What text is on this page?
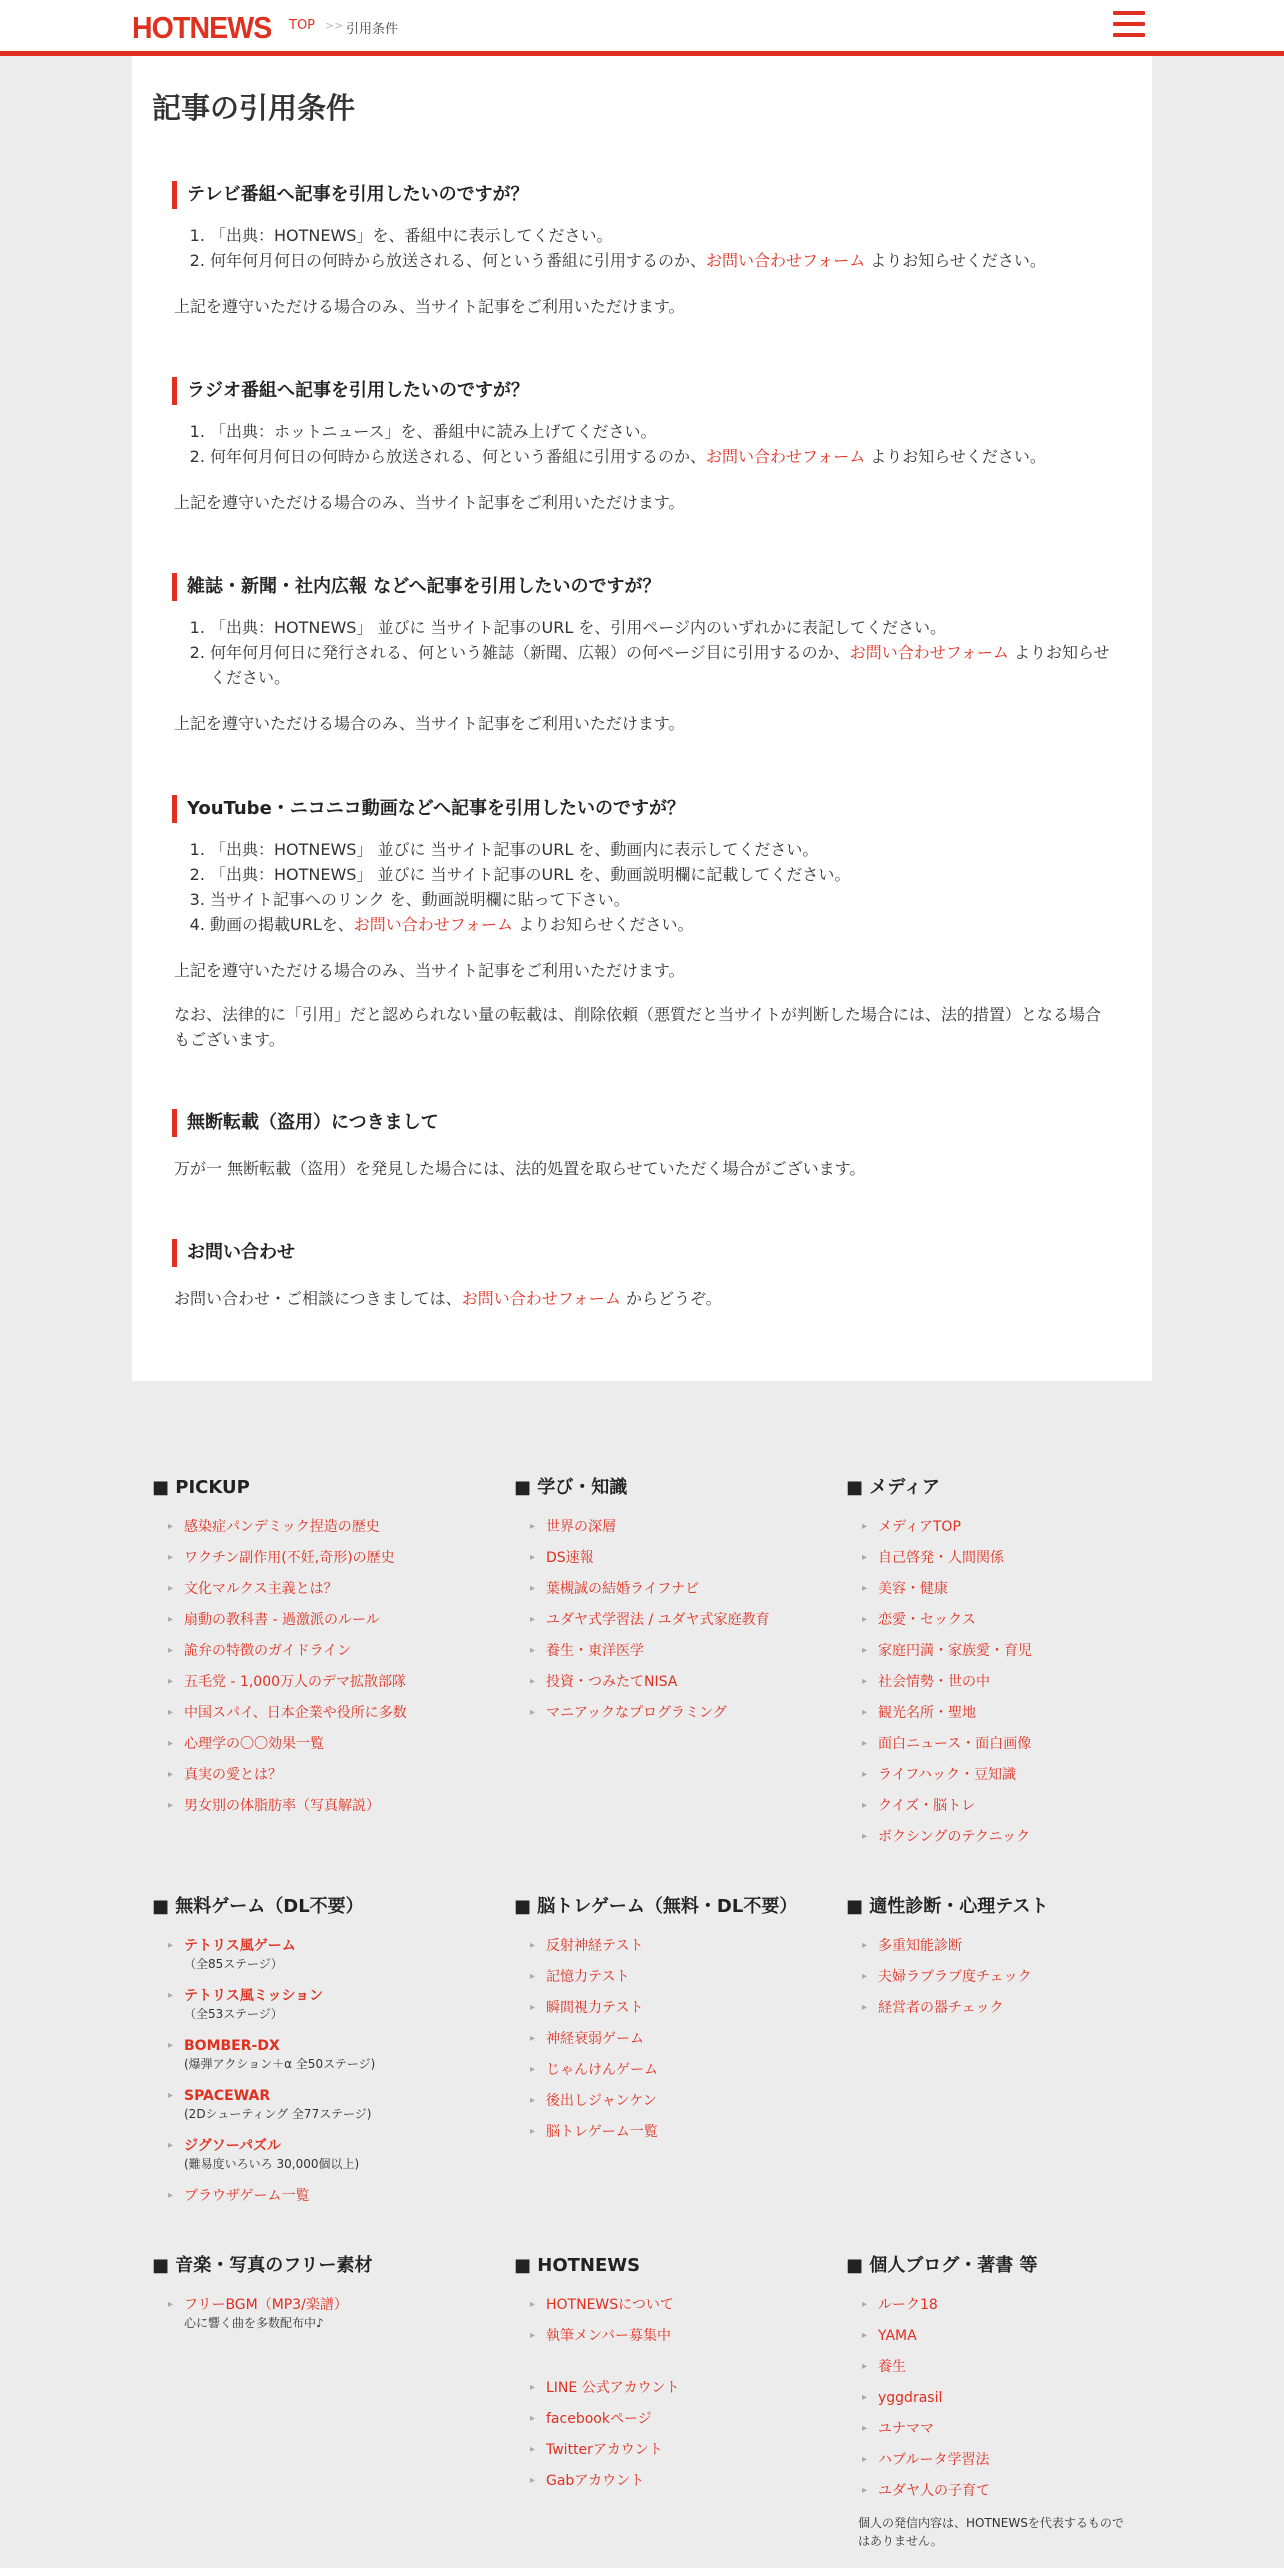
HOTNEWS TOP >> 引用条件
記事の引用条件
テレビ番組へ記事を引用したいのですが？
1. 「出典：HOTNEWS」を、番組中に表示してください。
2. 何年何月何日の何時から放送される、何という番組に引用するのか、お問い合わせフォーム よりお知らせください。

上記を遵守いただける場合のみ、当サイト記事をご利用いただけます。

ラジオ番組へ記事を引用したいのですが？
1. 「出典：ホットニュース」を、番組中に読み上げてください。
2. 何年何月何日の何時から放送される、何という番組に引用するのか、お問い合わせフォーム よりお知らせください。

上記を遵守いただける場合のみ、当サイト記事をご利用いただけます。

雑誌・新聞・社内広報 などへ記事を引用したいのですが？
1. 「出典：HOTNEWS」 並びに 当サイト記事のURL を、引用ページ内のいずれかに表記してください。
2. 何年何月何日に発行される、何という雑誌（新聞、広報）の何ページ目に引用するのか、お問い合わせフォーム よりお知らせください。

上記を遵守いただける場合のみ、当サイト記事をご利用いただけます。

YouTube・ニコニコ動画などへ記事を引用したいのですが？
1. 「出典：HOTNEWS」 並びに 当サイト記事のURL を、動画内に表示してください。
2. 「出典：HOTNEWS」 並びに 当サイト記事のURL を、動画説明欄に記載してください。
3. 当サイト記事へのリンク を、動画説明欄に貼って下さい。
4. 動画の掲載URLを、お問い合わせフォーム よりお知らせください。

上記を遵守いただける場合のみ、当サイト記事をご利用いただけます。

なお、法律的に「引用」だと認められない量の転載は、削除依頼（悪質だと当サイトが判断した場合には、法的措置）となる場合もございます。

無断転載（盗用）につきまして

万が一 無断転載（盗用）を発見した場合には、法的処置を取らせていただく場合がございます。

お問い合わせ

お問い合わせ・ご相談につきましては、お問い合わせフォーム からどうぞ。

■ PICKUP
▸ 感染症パンデミック捏造の歴史
▸ ワクチン副作用(不妊,奇形)の歴史
▸ 文化マルクス主義とは？
▸ 扇動の教科書 - 過激派のルール
▸ 詭弁の特徴のガイドライン
▸ 五毛党 - 1,000万人のデマ拡散部隊
▸ 中国スパイ、日本企業や役所に多数
▸ 心理学の〇〇効果一覧
▸ 真実の愛とは？
▸ 男女別の体脂肪率（写真解説）
■ 学び・知識
▸ 世界の深層
▸ DS速報
▸ 葉槻誠の結婚ライフナビ
▸ ユダヤ式学習法 / ユダヤ式家庭教育
▸ 養生・東洋医学
▸ 投資・つみたてNISA
▸ マニアックなプログラミング
■ メディア
▸ メディアTOP
▸ 自己啓発・人間関係
▸ 美容・健康
▸ 恋愛・セックス
▸ 家庭円満・家族愛・育児
▸ 社会情勢・世の中
▸ 観光名所・聖地
▸ 面白ニュース・面白画像
▸ ライフハック・豆知識
▸ クイズ・脳トレ
▸ ボクシングのテクニック
■ 無料ゲーム（DL不要）
▸ テトリス風ゲーム
（全85ステージ）
▸ テトリス風ミッション
（全53ステージ）
▸ BOMBER-DX
(爆弾アクション＋α 全50ステージ)
▸ SPACEWAR
(2Dシューティング 全77ステージ)
▸ ジグソーパズル
(難易度いろいろ 30,000個以上)
▸ ブラウザゲーム一覧
■ 脳トレゲーム（無料・DL不要）
▸ 反射神経テスト
▸ 記憶力テスト
▸ 瞬間視力テスト
▸ 神経衰弱ゲーム
▸ じゃんけんゲーム
▸ 後出しジャンケン
▸ 脳トレゲーム一覧
■ 適性診断・心理テスト
▸ 多重知能診断
▸ 夫婦ラブラブ度チェック
▸ 経営者の器チェック
■ 音楽・写真のフリー素材
▸ フリーBGM（MP3/楽譜）
心に響く曲を多数配布中♪
■ HOTNEWS
▸ HOTNEWSについて
▸ 執筆メンバー募集中
▸ LINE 公式アカウント
▸ facebookページ
▸ Twitterアカウント
▸ Gabアカウント
■ 個人ブログ・著書 等
▸ ルーク18
▸ YAMA
▸ 養生
▸ yggdrasil
▸ ユナママ
▸ ハブルータ学習法
▸ ユダヤ人の子育て
個人の発信内容は、HOTNEWSを代表するものではありません。
